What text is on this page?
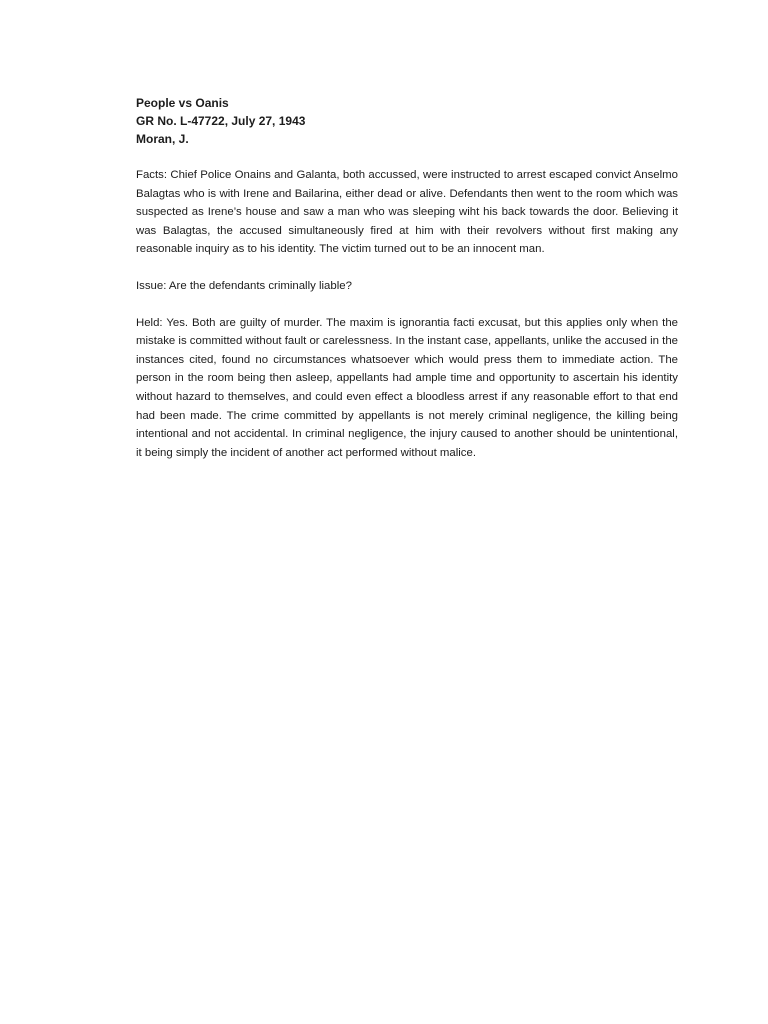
People vs Oanis

GR No. L-47722, July 27, 1943

Moran, J.

Facts: Chief Police Onains and Galanta, both accussed, were instructed to arrest escaped convict Anselmo Balagtas who is with Irene and Bailarina, either dead or alive. Defendants then went to the room which was suspected as Irene’s house and saw a man who was sleeping wiht his back towards the door. Believing it was Balagtas, the accused simultaneously fired at him with their revolvers without first making any reasonable inquiry as to his identity. The victim turned out to be an innocent man.

Issue: Are the defendants criminally liable?

Held: Yes. Both are guilty of murder. The maxim is ignorantia facti excusat, but this applies only when the mistake is committed without fault or carelessness. In the instant case, appellants, unlike the accused in the instances cited, found no circumstances whatsoever which would press them to immediate action. The person in the room being then asleep, appellants had ample time and opportunity to ascertain his identity without hazard to themselves, and could even effect a bloodless arrest if any reasonable effort to that end had been made. The crime committed by appellants is not merely criminal negligence, the killing being intentional and not accidental. In criminal negligence, the injury caused to another should be unintentional, it being simply the incident of another act performed without malice.
